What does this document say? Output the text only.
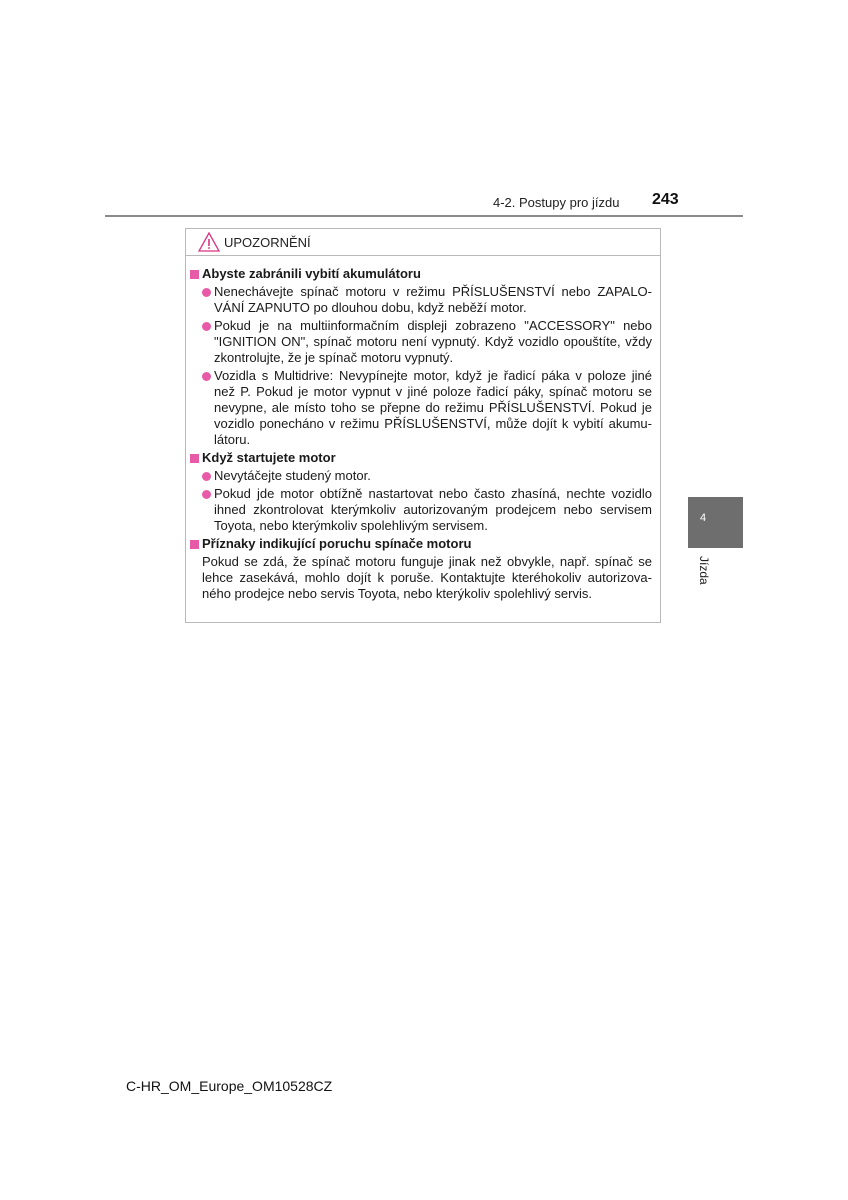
4-2. Postupy pro jízdu 243
UPOZORNĚNÍ
Abyste zabránili vybití akumulátoru
Nenechávejte spínač motoru v režimu PŘÍSLUŠENSTVÍ nebo ZAPALO-VÁNÍ ZAPNUTO po dlouhou dobu, když neběží motor.
Pokud je na multiinformačním displeji zobrazeno "ACCESSORY" nebo "IGNITION ON", spínač motoru není vypnutý. Když vozidlo opouštíte, vždy zkontrolujte, že je spínač motoru vypnutý.
Vozidla s Multidrive: Nevypínejte motor, když je řadicí páka v poloze jiné než P. Pokud je motor vypnut v jiné poloze řadicí páky, spínač motoru se nevypne, ale místo toho se přepne do režimu PŘÍSLUŠENSTVÍ. Pokud je vozidlo ponecháno v režimu PŘÍSLUŠENSTVÍ, může dojít k vybití akumu-látoru.
Když startujete motor
Nevytáčejte studený motor.
Pokud jde motor obtížně nastartovat nebo často zhasíná, nechte vozidlo ihned zkontrolovat kterýmkoliv autorizovaným prodejcem nebo servisem Toyota, nebo kterýmkoliv spolehlivým servisem.
Příznaky indikující poruchu spínače motoru
Pokud se zdá, že spínač motoru funguje jinak než obvykle, např. spínač se lehce zasekává, mohlo dojít k poruše. Kontaktujte kteréhokoliv autorizova-ného prodejce nebo servis Toyota, nebo kterýkoliv spolehlivý servis.
4
Jízda
C-HR_OM_Europe_OM10528CZ
